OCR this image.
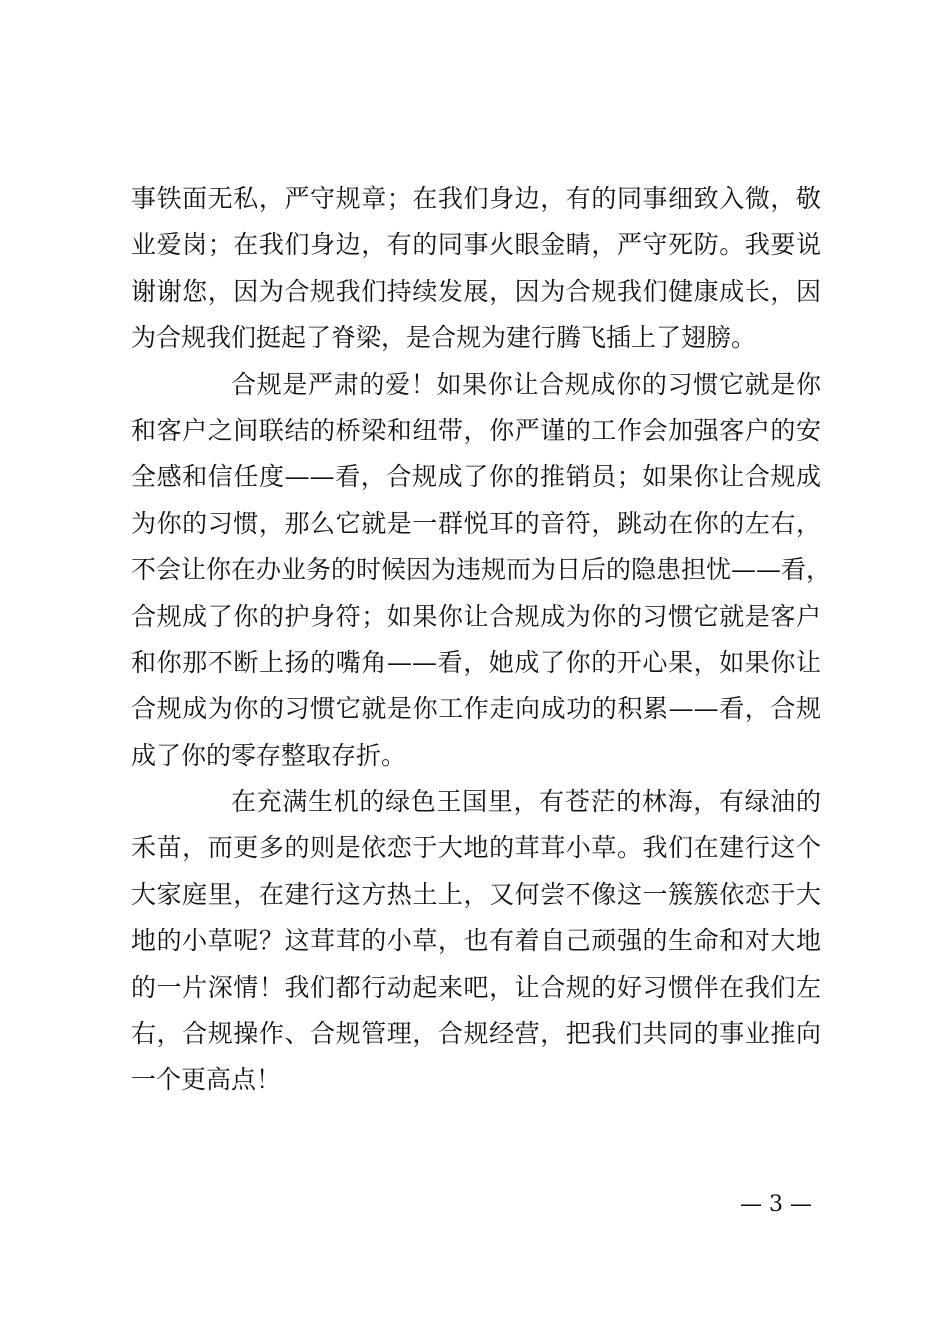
事铁面无私，严守规章；在我们身边，有的同事细致入微，敬
业爱岗；在我们身边，有的同事火眼金睛，严守死防。我要说
谢谢您，因为合规我们持续发展，因为合规我们健康成长，因
为合规我们挺起了脊梁，是合规为建行腾飞插上了翅膀。
合规是严肃的爱！如果你让合规成你的习惯它就是你
和客户之间联结的桥梁和纽带，你严谨的工作会加强客户的安
全感和信任度——看，合规成了你的推销员；如果你让合规成
为你的习惯，那么它就是一群悦耳的音符，跳动在你的左右，
不会让你在办业务的时候因为违规而为日后的隐患担忧——看，
合规成了你的护身符；如果你让合规成为你的习惯它就是客户
和你那不断上扬的嘴角——看，她成了你的开心果，如果你让
合规成为你的习惯它就是你工作走向成功的积累——看，合规
成了你的零存整取存折。
在充满生机的绿色王国里，有苍茫的林海，有绿油的
禾苗，而更多的则是依恋于大地的茸茸小草。我们在建行这个
大家庭里，在建行这方热土上，又何尝不像这一簇簇依恋于大
地的小草呢？这茸茸的小草，也有着自己顽强的生命和对大地
的一片深情！我们都行动起来吧，让合规的好习惯伴在我们左
右，合规操作、合规管理，合规经营，把我们共同的事业推向
一个更高点！
— 3 —
